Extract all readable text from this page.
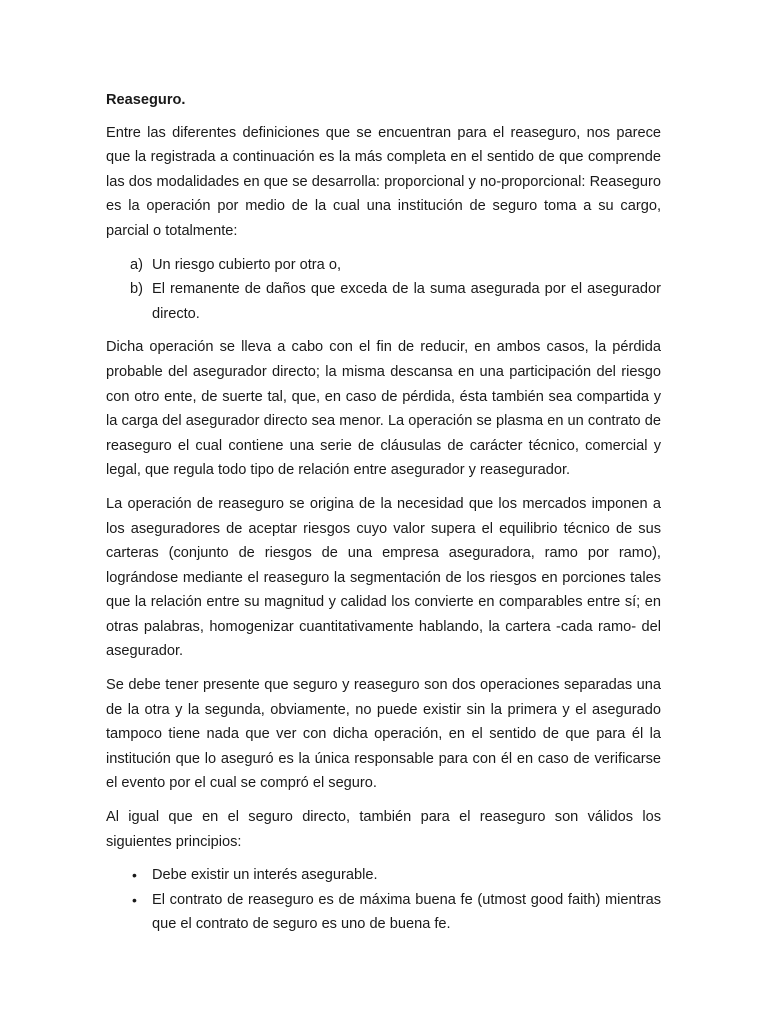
Reaseguro.

Entre las diferentes definiciones que se encuentran para el reaseguro, nos parece que la registrada a continuación es la más completa en el sentido de que comprende las dos modalidades en que se desarrolla: proporcional y no-proporcional: Reaseguro es la operación por medio de la cual una institución de seguro toma a su cargo, parcial o totalmente:

a) Un riesgo cubierto por otra o,
b) El remanente de daños que exceda de la suma asegurada por el asegurador directo.

Dicha operación se lleva a cabo con el fin de reducir, en ambos casos, la pérdida probable del asegurador directo; la misma descansa en una participación del riesgo con otro ente, de suerte tal, que, en caso de pérdida, ésta también sea compartida y la carga del asegurador directo sea menor. La operación se plasma en un contrato de reaseguro el cual contiene una serie de cláusulas de carácter técnico, comercial y legal, que regula todo tipo de relación entre asegurador y reasegurador.

La operación de reaseguro se origina de la necesidad que los mercados imponen a los aseguradores de aceptar riesgos cuyo valor supera el equilibrio técnico de sus carteras (conjunto de riesgos de una empresa aseguradora, ramo por ramo), lográndose mediante el reaseguro la segmentación de los riesgos en porciones tales que la relación entre su magnitud y calidad los convierte en comparables entre sí; en otras palabras, homogenizar cuantitativamente hablando, la cartera -cada ramo- del asegurador.

Se debe tener presente que seguro y reaseguro son dos operaciones separadas una de la otra y la segunda, obviamente, no puede existir sin la primera y el asegurado tampoco tiene nada que ver con dicha operación, en el sentido de que para él la institución que lo aseguró es la única responsable para con él en caso de verificarse el evento por el cual se compró el seguro.

Al igual que en el seguro directo, también para el reaseguro son válidos los siguientes principios:

• Debe existir un interés asegurable.
• El contrato de reaseguro es de máxima buena fe (utmost good faith) mientras que el contrato de seguro es uno de buena fe.
